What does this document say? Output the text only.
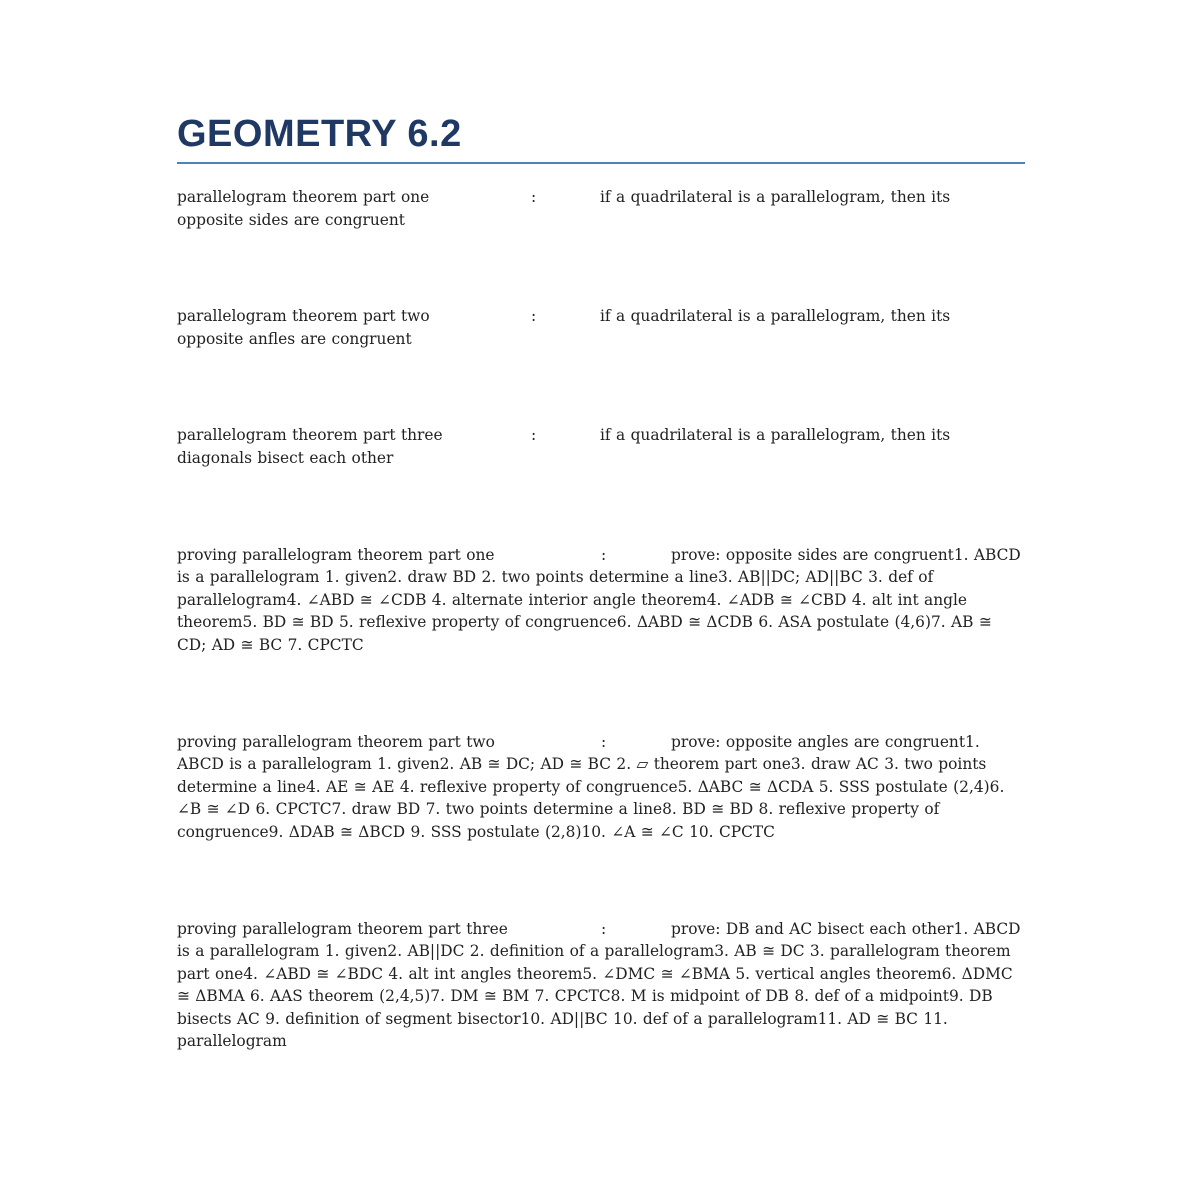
GEOMETRY 6.2

parallelogram theorem part one	:	if a quadrilateral is a parallelogram, then its
opposite sides are congruent

parallelogram theorem part two	:	if a quadrilateral is a parallelogram, then its
opposite anfles are congruent

parallelogram theorem part three	:	if a quadrilateral is a parallelogram, then its
diagonals bisect each other

proving parallelogram theorem part one	:	prove: opposite sides are congruent1. ABCD is a parallelogram 1. given2. draw BD 2. two points determine a line3. AB||DC; AD||BC 3. def of parallelogram4. ∠ABD ≅ ∠CDB 4. alternate interior angle theorem4. ∠ADB ≅ ∠CBD 4. alt int angle theorem5. BD ≅ BD 5. reflexive property of congruence6. ΔABD ≅ ΔCDB 6. ASA postulate (4,6)7. AB ≅ CD; AD ≅ BC 7. CPCTC

proving parallelogram theorem part two	:	prove: opposite angles are congruent1. ABCD is a parallelogram 1. given2. AB ≅ DC; AD ≅ BC 2. ▱ theorem part one3. draw AC 3. two points determine a line4. AE ≅ AE 4. reflexive property of congruence5. ΔABC ≅ ΔCDA 5. SSS postulate (2,4)6. ∠B ≅ ∠D 6. CPCTC7. draw BD 7. two points determine a line8. BD ≅ BD 8. reflexive property of congruence9. ΔDAB ≅ ΔBCD 9. SSS postulate (2,8)10. ∠A ≅ ∠C 10. CPCTC

proving parallelogram theorem part three	:	prove: DB and AC bisect each other1. ABCD is a parallelogram 1. given2. AB||DC 2. definition of a parallelogram3. AB ≅ DC 3. parallelogram theorem part one4. ∠ABD ≅ ∠BDC 4. alt int angles theorem5. ∠DMC ≅ ∠BMA 5. vertical angles theorem6. ΔDMC ≅ ΔBMA 6. AAS theorem (2,4,5)7. DM ≅ BM 7. CPCTC8. M is midpoint of DB 8. def of a midpoint9. DB bisects AC 9. definition of segment bisector10. AD||BC 10. def of a parallelogram11. AD ≅ BC 11. parallelogram
